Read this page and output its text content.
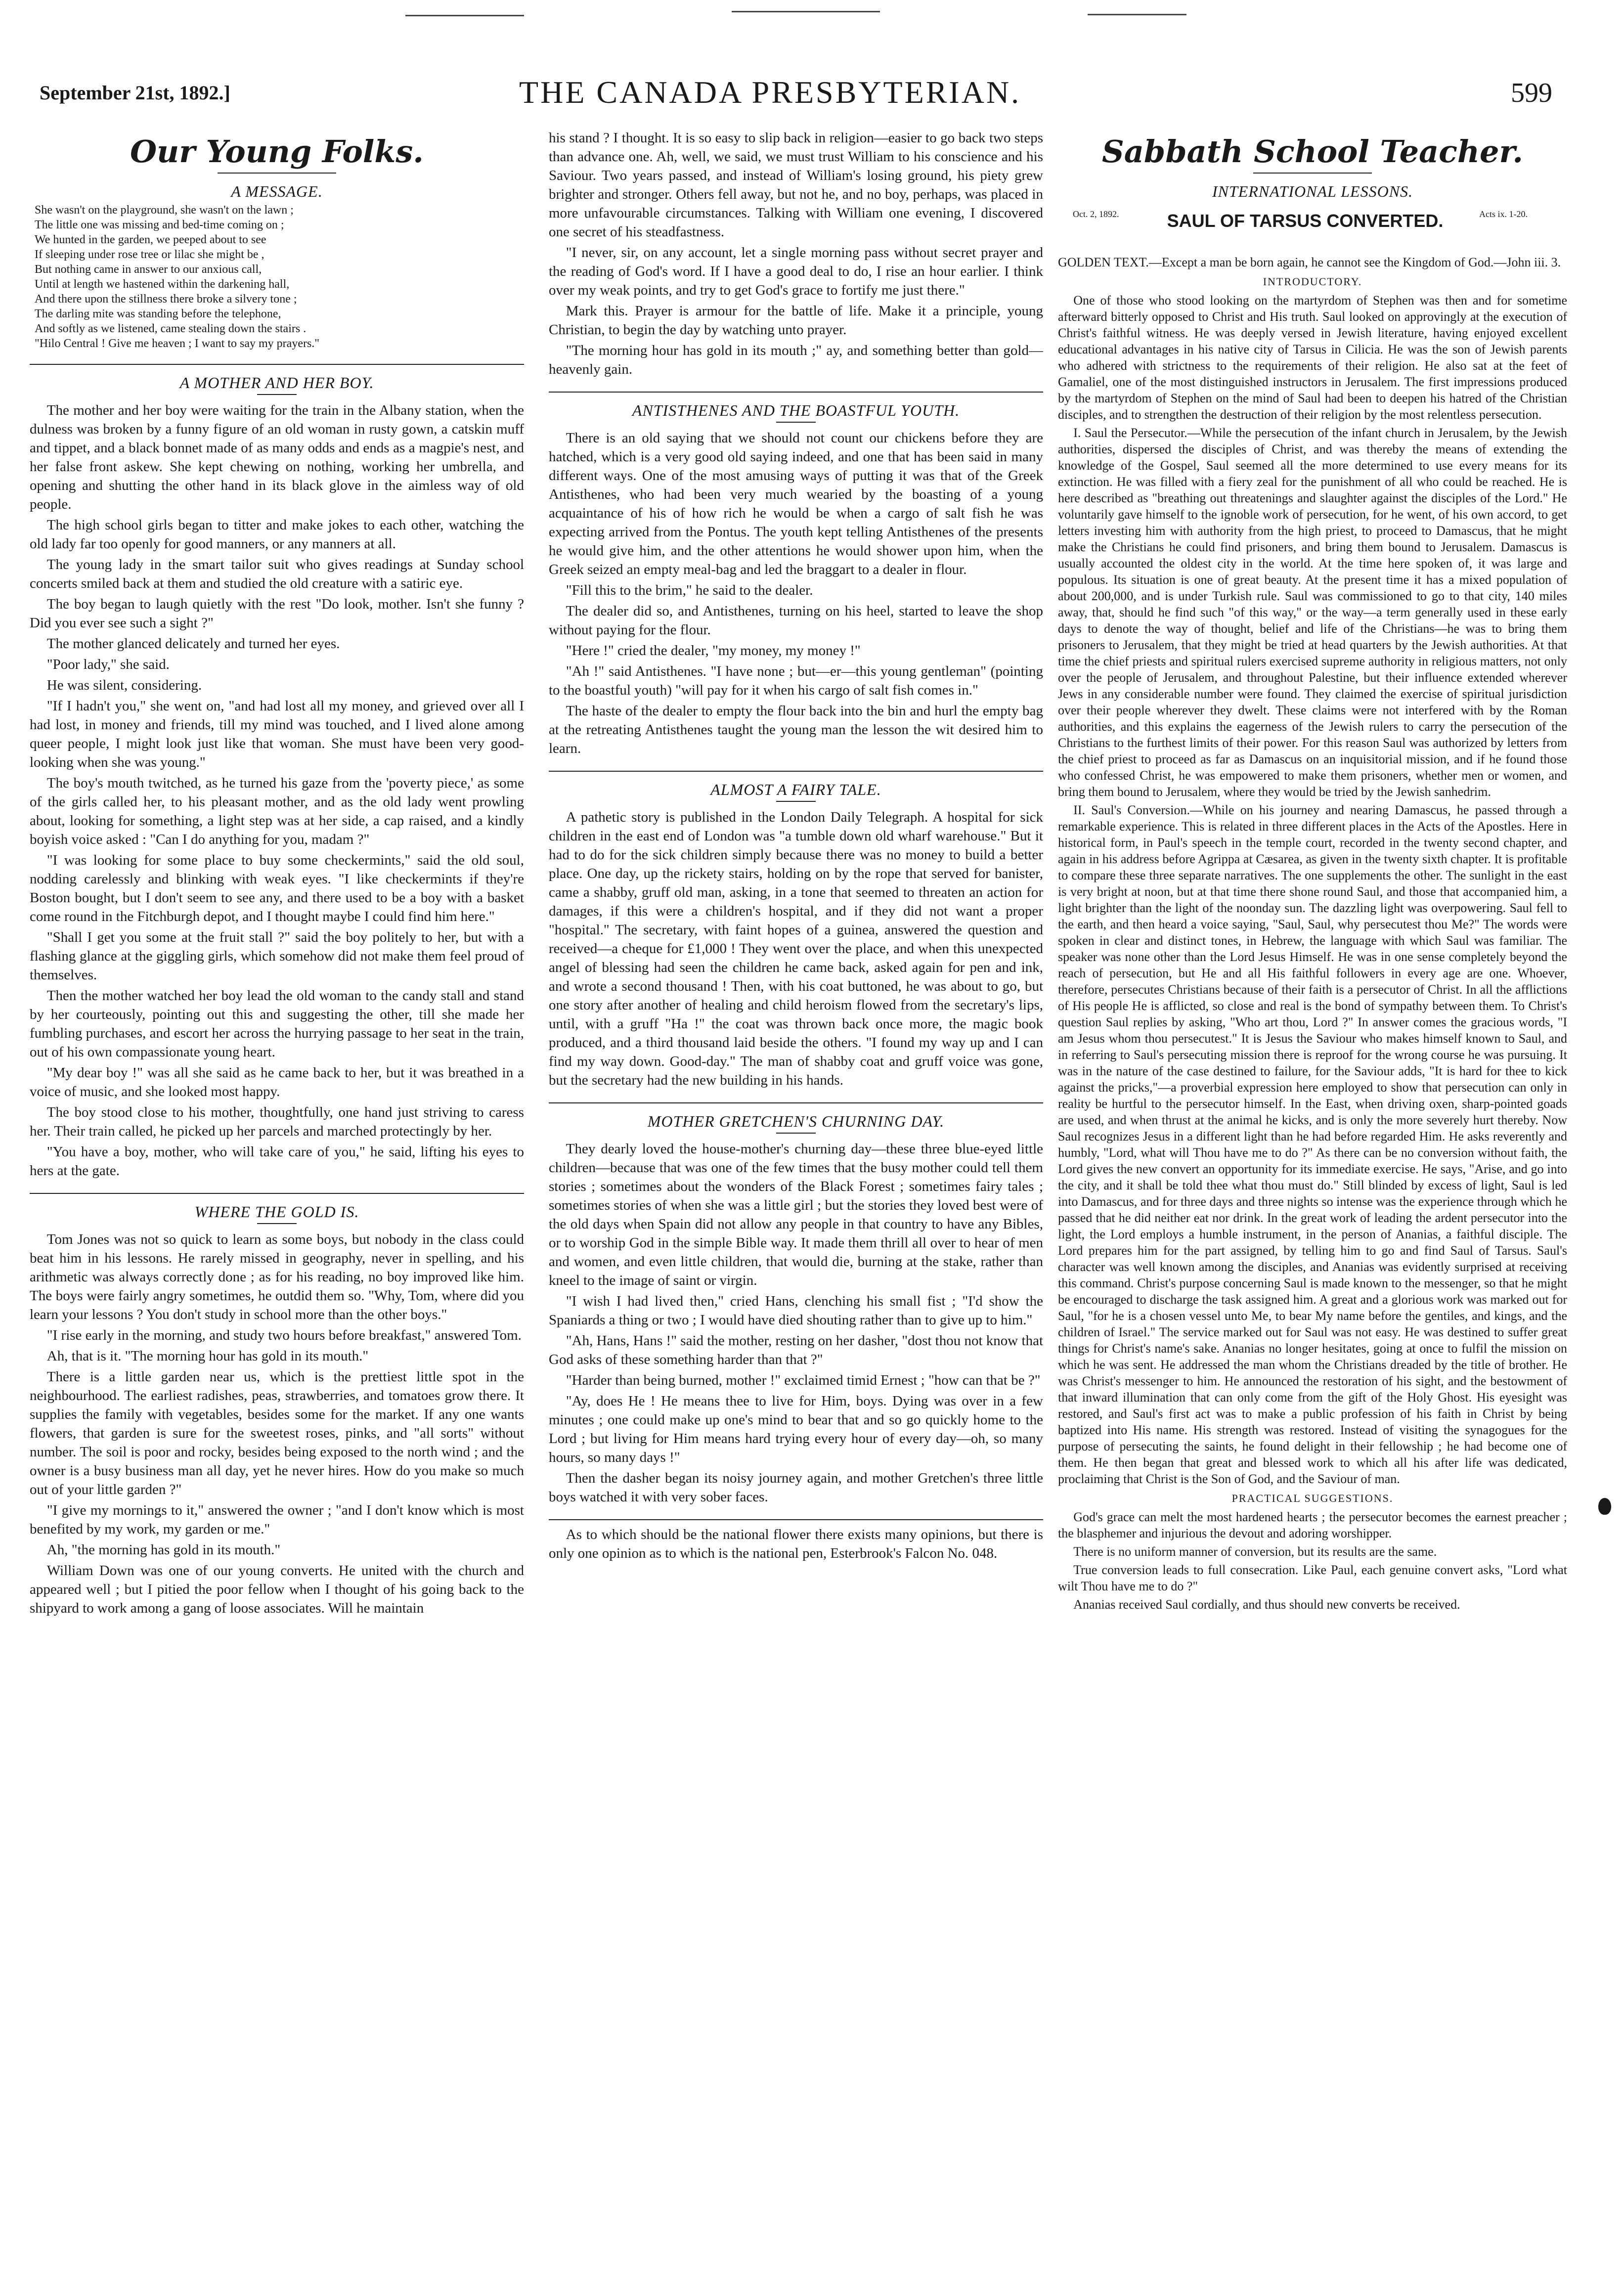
September 21st, 1892.]	THE CANADA PRESBYTERIAN.	599
Our Young Folks.
A MESSAGE.
She wasn't on the playground, she wasn't on the lawn ;
The little one was missing and bed-time coming on ;
We hunted in the garden, we peeped about to see
If sleeping under rose tree or lilac she might be ,
But nothing came in answer to our anxious call,
Until at length we hastened within the darkening hall,
And there upon the stillness there broke a silvery tone ;
The darling mite was standing before the telephone,
And softly as we listened, came stealing down the stairs .
"Hilo Central ! Give me heaven ; I want to say my prayers."
A MOTHER AND HER BOY.

The mother and her boy were waiting for the train in the Albany station, when the dulness was broken by a funny figure of an old woman in rusty gown, a catskin muff and tippet, and a black bonnet made of as many odds and ends as a magpie's nest, and her false front askew. She kept chewing on nothing, working her umbrella, and opening and shutting the other hand in its black glove in the aimless way of old people.

The high school girls began to titter and make jokes to each other, watching the old lady far too openly for good manners, or any manners at all.

The young lady in the smart tailor suit who gives readings at Sunday school concerts smiled back at them and studied the old creature with a satiric eye.

The boy began to laugh quietly with the rest "Do look, mother. Isn't she funny ? Did you ever see such a sight ?"

The mother glanced delicately and turned her eyes.

"Poor lady," she said.

He was silent, considering.

"If I hadn't you," she went on, "and had lost all my money, and grieved over all I had lost, in money and friends, till my mind was touched, and I lived alone among queer people, I might look just like that woman. She must have been very good-looking when she was young."

The boy's mouth twitched, as he turned his gaze from the 'poverty piece,' as some of the girls called her, to his pleasant mother, and as the old lady went prowling about, looking for something, a light step was at her side, a cap raised, and a kindly boyish voice asked : "Can I do anything for you, madam ?"

"I was looking for some place to buy some checkermints," said the old soul, nodding carelessly and blinking with weak eyes. "I like checkermints if they're Boston bought, but I don't seem to see any, and there used to be a boy with a basket come round in the Fitchburgh depot, and I thought maybe I could find him here."

"Shall I get you some at the fruit stall ?" said the boy politely to her, but with a flashing glance at the giggling girls, which somehow did not make them feel proud of themselves.

Then the mother watched her boy lead the old woman to the candy stall and stand by her courteously, pointing out this and suggesting the other, till she made her fumbling purchases, and escort her across the hurrying passage to her seat in the train, out of his own compassionate young heart.

"My dear boy !" was all she said as he came back to her, but it was breathed in a voice of music, and she looked most happy.

The boy stood close to his mother, thoughtfully, one hand just striving to caress her. Their train called, he picked up her parcels and marched protectingly by her.

"You have a boy, mother, who will take care of you," he said, lifting his eyes to hers at the gate.

WHERE THE GOLD IS.

Tom Jones was not so quick to learn as some boys, but nobody in the class could beat him in his lessons. He rarely missed in geography, never in spelling, and his arithmetic was always correctly done ; as for his reading, no boy improved like him. The boys were fairly angry sometimes, he outdid them so. "Why, Tom, where did you learn your lessons ? You don't study in school more than the other boys."

"I rise early in the morning, and study two hours before breakfast," answered Tom.

Ah, that is it. "The morning hour has gold in its mouth."

There is a little garden near us, which is the prettiest little spot in the neighbourhood. The earliest radishes, peas, strawberries, and tomatoes grow there. It supplies the family with vegetables, besides some for the market. If any one wants flowers, that garden is sure for the sweetest roses, pinks, and "all sorts" without number. The soil is poor and rocky, besides being exposed to the north wind ; and the owner is a busy business man all day, yet he never hires. How do you make so much out of your little garden ?"

"I give my mornings to it," answered the owner ; "and I don't know which is most benefited by my work, my garden or me."

Ah, "the morning has gold in its mouth."

William Down was one of our young converts. He united with the church and appeared well ; but I pitied the poor fellow when I thought of his going back to the shipyard to work among a gang of loose associates. Will he maintain

his stand ? I thought. It is so easy to slip back in religion—easier to go back two steps than advance one. Ah, well, we said, we must trust William to his conscience and his Saviour. Two years passed, and instead of William's losing ground, his piety grew brighter and stronger. Others fell away, but not he, and no boy, perhaps, was placed in more unfavourable circumstances. Talking with William one evening, I discovered one secret of his steadfastness.

"I never, sir, on any account, let a single morning pass without secret prayer and the reading of God's word. If I have a good deal to do, I rise an hour earlier. I think over my weak points, and try to get God's grace to fortify me just there."

Mark this. Prayer is armour for the battle of life. Make it a principle, young Christian, to begin the day by watching unto prayer.

"The morning hour has gold in its mouth ;" ay, and something better than gold—heavenly gain.

ANTISTHENES AND THE BOASTFUL YOUTH.

There is an old saying that we should not count our chickens before they are hatched, which is a very good old saying indeed, and one that has been said in many different ways. One of the most amusing ways of putting it was that of the Greek Antisthenes, who had been very much wearied by the boasting of a young acquaintance of his of how rich he would be when a cargo of salt fish he was expecting arrived from the Pontus. The youth kept telling Antisthenes of the presents he would give him, and the other attentions he would shower upon him, when the Greek seized an empty meal-bag and led the braggart to a dealer in flour.

"Fill this to the brim," he said to the dealer.

The dealer did so, and Antisthenes, turning on his heel, started to leave the shop without paying for the flour.

"Here !" cried the dealer, "my money, my money !"

"Ah !" said Antisthenes. "I have none ; but—er—this young gentleman" (pointing to the boastful youth) "will pay for it when his cargo of salt fish comes in."

The haste of the dealer to empty the flour back into the bin and hurl the empty bag at the retreating Antisthenes taught the young man the lesson the wit desired him to learn.

ALMOST A FAIRY TALE.

A pathetic story is published in the London Daily Telegraph. A hospital for sick children in the east end of London was "a tumble down old wharf warehouse." But it had to do for the sick children simply because there was no money to build a better place. One day, up the rickety stairs, holding on by the rope that served for banister, came a shabby, gruff old man, asking, in a tone that seemed to threaten an action for damages, if this were a children's hospital, and if they did not want a proper "hospital." The secretary, with faint hopes of a guinea, answered the question and received—a cheque for £1,000 ! They went over the place, and when this unexpected angel of blessing had seen the children he came back, asked again for pen and ink, and wrote a second thousand ! Then, with his coat buttoned, he was about to go, but one story after another of healing and child heroism flowed from the secretary's lips, until, with a gruff "Ha !" the coat was thrown back once more, the magic book produced, and a third thousand laid beside the others. "I found my way up and I can find my way down. Good-day." The man of shabby coat and gruff voice was gone, but the secretary had the new building in his hands.

MOTHER GRETCHEN'S CHURNING DAY.

They dearly loved the house-mother's churning day—these three blue-eyed little children—because that was one of the few times that the busy mother could tell them stories ; sometimes about the wonders of the Black Forest ; sometimes fairy tales ; sometimes stories of when she was a little girl ; but the stories they loved best were of the old days when Spain did not allow any people in that country to have any Bibles, or to worship God in the simple Bible way. It made them thrill all over to hear of men and women, and even little children, that would die, burning at the stake, rather than kneel to the image of saint or virgin.

"I wish I had lived then," cried Hans, clenching his small fist ; "I'd show the Spaniards a thing or two ; I would have died shouting rather than to give up to him."

"Ah, Hans, Hans !" said the mother, resting on her dasher, "dost thou not know that God asks of these something harder than that ?"

"Harder than being burned, mother !" exclaimed timid Ernest ; "how can that be ?"

"Ay, does He ! He means thee to live for Him, boys. Dying was over in a few minutes ; one could make up one's mind to bear that and so go quickly home to the Lord ; but living for Him means hard trying every hour of every day—oh, so many hours, so many days !"

Then the dasher began its noisy journey again, and mother Gretchen's three little boys watched it with very sober faces.

As to which should be the national flower there exists many opinions, but there is only one opinion as to which is the national pen, Esterbrook's Falcon No. 048.

Sabbath School Teacher.
INTERNATIONAL LESSONS.
Oct. 2, 1892.	SAUL OF TARSUS CONVERTED.	Acts ix. 1-20.

GOLDEN TEXT.—Except a man be born again, he cannot see the Kingdom of God.—John iii. 3.

INTRODUCTORY.

One of those who stood looking on the martyrdom of Stephen was then and for sometime afterward bitterly opposed to Christ and His truth. Saul looked on approvingly at the execution of Christ's faithful witness. He was deeply versed in Jewish literature, having enjoyed excellent educational advantages in his native city of Tarsus in Cilicia. He was the son of Jewish parents who adhered with strictness to the requirements of their religion. He also sat at the feet of Gamaliel, one of the most distinguished instructors in Jerusalem. The first impressions produced by the martyrdom of Stephen on the mind of Saul had been to deepen his hatred of the Christian disciples, and to strengthen the destruction of their religion by the most relentless persecution.

I. Saul the Persecutor.—While the persecution of the infant church in Jerusalem, by the Jewish authorities, dispersed the disciples of Christ, and was thereby the means of extending the knowledge of the Gospel, Saul seemed all the more determined to use every means for its extinction. He was filled with a fiery zeal for the punishment of all who could be reached. He is here described as "breathing out threatenings and slaughter against the disciples of the Lord." He voluntarily gave himself to the ignoble work of persecution, for he went, of his own accord, to get letters investing him with authority from the high priest, to proceed to Damascus, that he might make the Christians he could find prisoners, and bring them bound to Jerusalem. Damascus is usually accounted the oldest city in the world. At the time here spoken of, it was large and populous. Its situation is one of great beauty. At the present time it has a mixed population of about 200,000, and is under Turkish rule. Saul was commissioned to go to that city, 140 miles away, that, should he find such "of this way," or the way—a term generally used in these early days to denote the way of thought, belief and life of the Christians—he was to bring them prisoners to Jerusalem, that they might be tried at head quarters by the Jewish authorities. At that time the chief priests and spiritual rulers exercised supreme authority in religious matters, not only over the people of Jerusalem, and throughout Palestine, but their influence extended wherever Jews in any considerable number were found. They claimed the exercise of spiritual jurisdiction over their people wherever they dwelt. These claims were not interfered with by the Roman authorities, and this explains the eagerness of the Jewish rulers to carry the persecution of the Christians to the furthest limits of their power. For this reason Saul was authorized by letters from the chief priest to proceed as far as Damascus on an inquisitorial mission, and if he found those who confessed Christ, he was empowered to make them prisoners, whether men or women, and bring them bound to Jerusalem, where they would be tried by the Jewish sanhedrim.

II. Saul's Conversion.—While on his journey and nearing Damascus, he passed through a remarkable experience. This is related in three different places in the Acts of the Apostles. Here in historical form, in Paul's speech in the temple court, recorded in the twenty second chapter, and again in his address before Agrippa at Cæsarea, as given in the twenty sixth chapter. It is profitable to compare these three separate narratives. The one supplements the other. The sunlight in the east is very bright at noon, but at that time there shone round Saul, and those that accompanied him, a light brighter than the light of the noonday sun. The dazzling light was overpowering. Saul fell to the earth, and then heard a voice saying, "Saul, Saul, why persecutest thou Me?" The words were spoken in clear and distinct tones, in Hebrew, the language with which Saul was familiar. The speaker was none other than the Lord Jesus Himself. He was in one sense completely beyond the reach of persecution, but He and all His faithful followers in every age are one. Whoever, therefore, persecutes Christians because of their faith is a persecutor of Christ. In all the afflictions of His people He is afflicted, so close and real is the bond of sympathy between them. To Christ's question Saul replies by asking, "Who art thou, Lord ?" In answer comes the gracious words, "I am Jesus whom thou persecutest." It is Jesus the Saviour who makes himself known to Saul, and in referring to Saul's persecuting mission there is reproof for the wrong course he was pursuing. It was in the nature of the case destined to failure, for the Saviour adds, "It is hard for thee to kick against the pricks,"—a proverbial expression here employed to show that persecution can only in reality be hurtful to the persecutor himself. In the East, when driving oxen, sharp-pointed goads are used, and when thrust at the animal he kicks, and is only the more severely hurt thereby. Now Saul recognizes Jesus in a different light than he had before regarded Him. He asks reverently and humbly, "Lord, what will Thou have me to do ?" As there can be no conversion without faith, the Lord gives the new convert an opportunity for its immediate exercise. He says, "Arise, and go into the city, and it shall be told thee what thou must do." Still blinded by excess of light, Saul is led into Damascus, and for three days and three nights so intense was the experience through which he passed that he did neither eat nor drink. In the great work of leading the ardent persecutor into the light, the Lord employs a humble instrument, in the person of Ananias, a faithful disciple. The Lord prepares him for the part assigned, by telling him to go and find Saul of Tarsus. Saul's character was well known among the disciples, and Ananias was evidently surprised at receiving this command. Christ's purpose concerning Saul is made known to the messenger, so that he might be encouraged to discharge the task assigned him. A great and a glorious work was marked out for Saul, "for he is a chosen vessel unto Me, to bear My name before the gentiles, and kings, and the children of Israel." The service marked out for Saul was not easy. He was destined to suffer great things for Christ's name's sake. Ananias no longer hesitates, going at once to fulfil the mission on which he was sent. He addressed the man whom the Christians dreaded by the title of brother. He was Christ's messenger to him. He announced the restoration of his sight, and the bestowment of that inward illumination that can only come from the gift of the Holy Ghost. His eyesight was restored, and Saul's first act was to make a public profession of his faith in Christ by being baptized into His name. His strength was restored. Instead of visiting the synagogues for the purpose of persecuting the saints, he found delight in their fellowship ; he had become one of them. He then began that great and blessed work to which all his after life was dedicated, proclaiming that Christ is the Son of God, and the Saviour of man.

PRACTICAL SUGGESTIONS.

God's grace can melt the most hardened hearts ; the persecutor becomes the earnest preacher ; the blasphemer and injurious the devout and adoring worshipper.

There is no uniform manner of conversion, but its results are the same.

True conversion leads to full consecration. Like Paul, each genuine convert asks, "Lord what wilt Thou have me to do ?"

Ananias received Saul cordially, and thus should new converts be received.
